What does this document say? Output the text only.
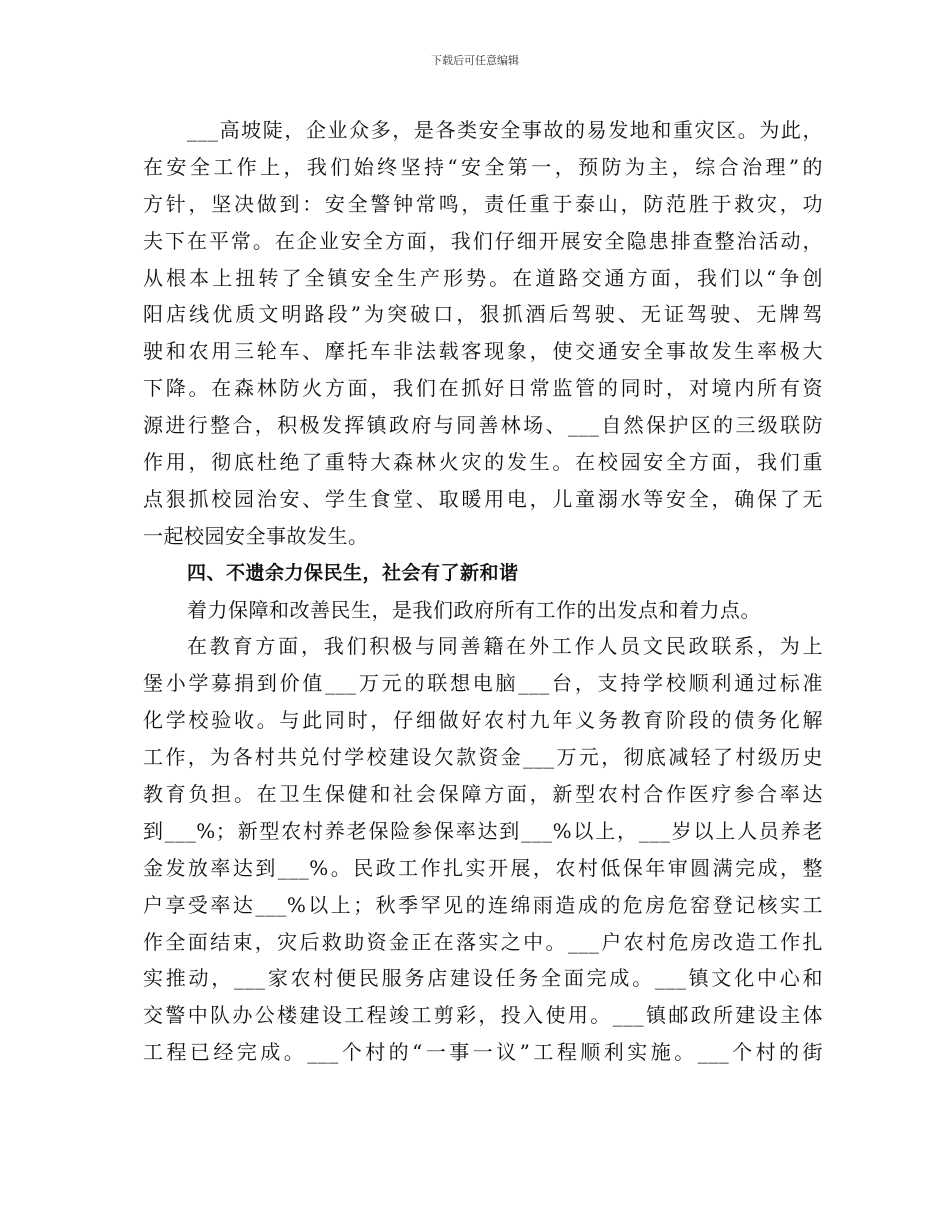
下载后可任意编辑
___高坡陡，企业众多，是各类安全事故的易发地和重灾区。为此，
在安全工作上，我们始终坚持“安全第一，预防为主，综合治理”的
方针，坚决做到：安全警钟常鸣，责任重于泰山，防范胜于救灾，功
夫下在平常。在企业安全方面，我们仔细开展安全隐患排查整治活动，
从根本上扭转了全镇安全生产形势。在道路交通方面，我们以“争创
阳店线优质文明路段”为突破口，狠抓酒后驾驶、无证驾驶、无牌驾
驶和农用三轮车、摩托车非法载客现象，使交通安全事故发生率极大
下降。在森林防火方面，我们在抓好日常监管的同时，对境内所有资
源进行整合，积极发挥镇政府与同善林场、___自然保护区的三级联防
作用，彻底杜绝了重特大森林火灾的发生。在校园安全方面，我们重
点狠抓校园治安、学生食堂、取暖用电，儿童溺水等安全，确保了无
一起校园安全事故发生。
四、不遗余力保民生，社会有了新和谐
着力保障和改善民生，是我们政府所有工作的出发点和着力点。
在教育方面，我们积极与同善籍在外工作人员文民政联系，为上
堡小学募捐到价值___万元的联想电脑___台，支持学校顺利通过标准
化学校验收。与此同时，仔细做好农村九年义务教育阶段的债务化解
工作，为各村共兑付学校建设欠款资金___万元，彻底减轻了村级历史
教育负担。在卫生保健和社会保障方面，新型农村合作医疗参合率达
到___%；新型农村养老保险参保率达到___%以上，___岁以上人员养老
金发放率达到___%。民政工作扎实开展，农村低保年审圆满完成，整
户享受率达___%以上；秋季罕见的连绵雨造成的危房危窑登记核实工
作全面结束，灾后救助资金正在落实之中。___户农村危房改造工作扎
实推动，___家农村便民服务店建设任务全面完成。___镇文化中心和
交警中队办公楼建设工程竣工剪彩，投入使用。___镇邮政所建设主体
工程已经完成。___个村的“一事一议”工程顺利实施。___个村的街
